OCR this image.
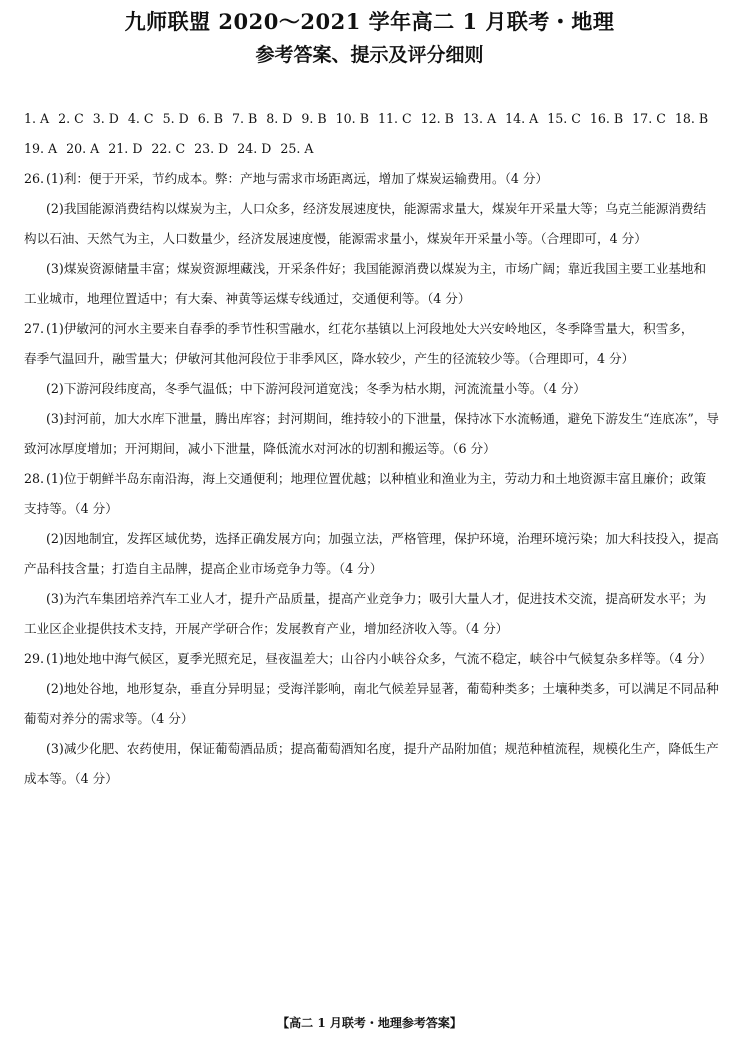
九师联盟 2020～2021 学年高二 1 月联考・地理
参考答案、提示及评分细则
1. A 2. C 3. D 4. C 5. D 6. B 7. B 8. D 9. B 10. B 11. C 12. B 13. A 14. A 15. C 16. B 17. C 18. B
19. A 20. A 21. D 22. C 23. D 24. D 25. A
26. (1)利：便于开采，节约成本。弊：产地与需求市场距离远，增加了煤炭运输费用。（4 分）
(2)我国能源消费结构以煤炭为主，人口众多，经济发展速度快，能源需求量大，煤炭年开采量大等；乌克兰能源消费结
构以石油、天然气为主，人口数量少，经济发展速度慢，能源需求量小，煤炭年开采量小等。（合理即可，4 分）
(3)煤炭资源储量丰富；煤炭资源埋藏浅，开采条件好；我国能源消费以煤炭为主，市场广阔；靠近我国主要工业基地和
工业城市，地理位置适中；有大秦、神黄等运煤专线通过，交通便利等。（4 分）
27. (1)伊敏河的河水主要来自春季的季节性积雪融水，红花尔基镇以上河段地处大兴安岭地区，冬季降雪量大，积雪多，
春季气温回升，融雪量大；伊敏河其他河段位于非季风区，降水较少，产生的径流较少等。（合理即可，4 分）
(2)下游河段纬度高，冬季气温低；中下游河段河道宽浅；冬季为枯水期，河流流量小等。（4 分）
(3)封河前，加大水库下泄量，腾出库容；封河期间，维持较小的下泄量，保持冰下水流畅通，避免下游发生“连底冻”，导
致河冰厚度增加；开河期间，减小下泄量，降低流水对河冰的切割和搬运等。（6 分）
28. (1)位于朝鲜半岛东南沿海，海上交通便利；地理位置优越；以种植业和渔业为主，劳动力和土地资源丰富且廉价；政策
支持等。（4 分）
(2)因地制宜，发挥区域优势，选择正确发展方向；加强立法，严格管理，保护环境，治理环境污染；加大科技投入，提高
产品科技含量；打造自主品牌，提高企业市场竞争力等。（4 分）
(3)为汽车集团培养汽车工业人才，提升产品质量，提高产业竞争力；吸引大量人才，促进技术交流，提高研发水平；为
工业区企业提供技术支持，开展产学研合作；发展教育产业，增加经济收入等。（4 分）
29. (1)地处地中海气候区，夏季光照充足，昼夜温差大；山谷内小峡谷众多，气流不稳定，峡谷中气候复杂多样等。（4 分）
(2)地处谷地，地形复杂，垂直分异明显；受海洋影响，南北气候差异显著，葡萄种类多；土壤种类多，可以满足不同品种
葡萄对养分的需求等。（4 分）
(3)减少化肥、农药使用，保证葡萄酒品质；提高葡萄酒知名度，提升产品附加值；规范种植流程，规模化生产，降低生产
成本等。（4 分）
【高二 1 月联考・地理参考答案】
